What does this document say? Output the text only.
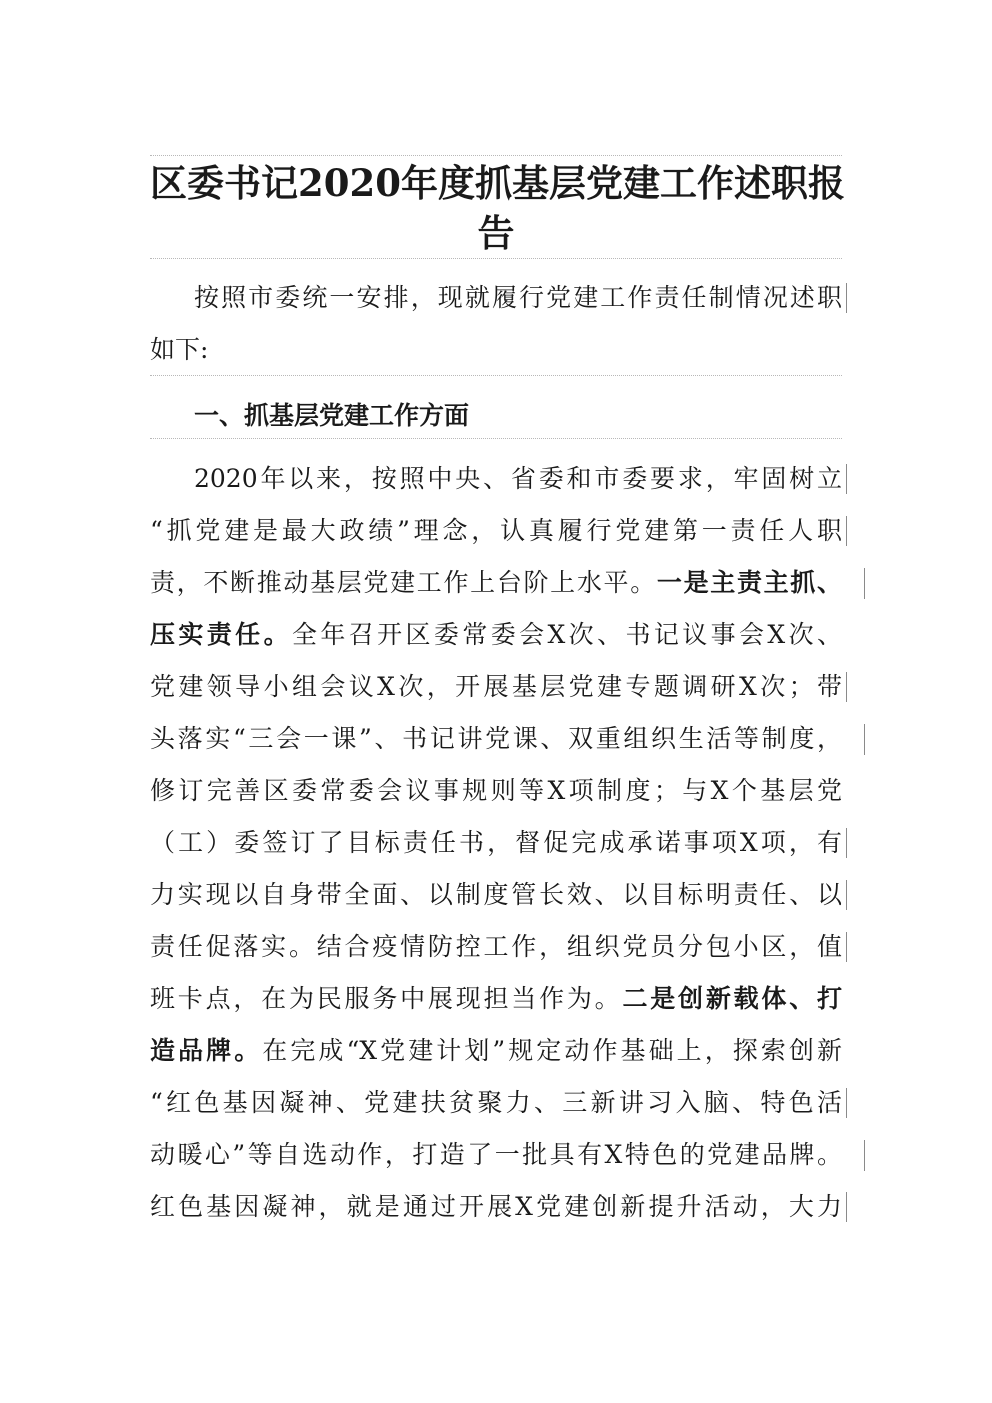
区委书记2020年度抓基层党建工作述职报
告
按照市委统一安排，现就履行党建工作责任制情况述职
如下:
一、抓基层党建工作方面
2020年以来，按照中央、省委和市委要求，牢固树立
“抓党建是最大政绩”理念，认真履行党建第一责任人职
责，不断推动基层党建工作上台阶上水平。一是主责主抓、
压实责任。全年召开区委常委会X次、书记议事会X次、
党建领导小组会议X次，开展基层党建专题调研X次；带
头落实“三会一课”、书记讲党课、双重组织生活等制度，
修订完善区委常委会议事规则等X项制度；与X个基层党
（工）委签订了目标责任书，督促完成承诺事项X项，有
力实现以自身带全面、以制度管长效、以目标明责任、以
责任促落实。结合疫情防控工作，组织党员分包小区，值
班卡点，在为民服务中展现担当作为。二是创新载体、打
造品牌。在完成“X党建计划”规定动作基础上，探索创新
“红色基因凝神、党建扶贫聚力、三新讲习入脑、特色活
动暖心”等自选动作，打造了一批具有X特色的党建品牌。
红色基因凝神，就是通过开展X党建创新提升活动，大力
